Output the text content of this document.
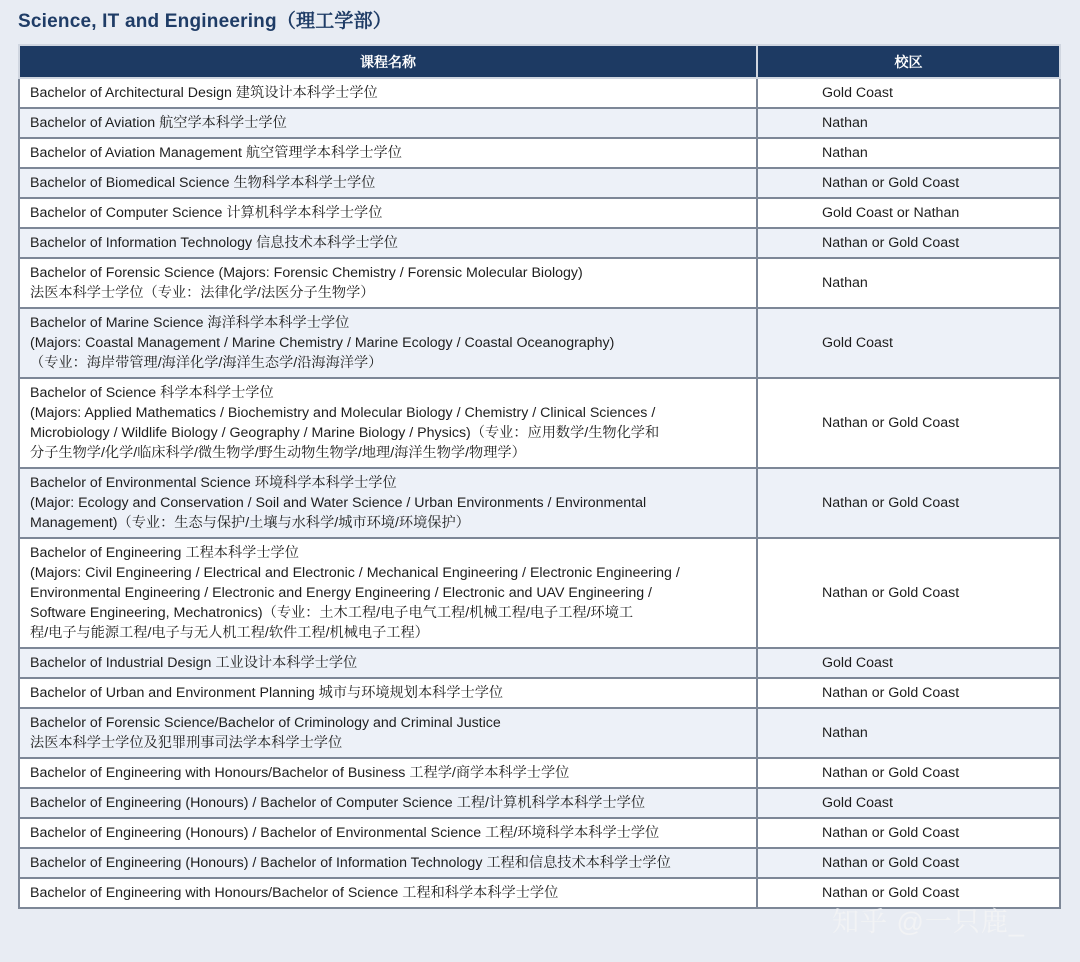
Science, IT and Engineering（理工学部）
课程名称	校区

Bachelor of Architectural Design 建筑设计本科学士学位	Gold Coast

Bachelor of Aviation 航空学本科学士学位	Nathan

Bachelor of Aviation Management 航空管理学本科学士学位	Nathan

Bachelor of Biomedical Science 生物科学本科学士学位	Nathan or Gold Coast

Bachelor of Computer Science 计算机科学本科学士学位	Gold Coast or Nathan

Bachelor of Information Technology 信息技术本科学士学位	Nathan or Gold Coast

Bachelor of Forensic Science (Majors: Forensic Chemistry / Forensic Molecular Biology)
法医本科学士学位（专业：法律化学/法医分子生物学）	Nathan

Bachelor of Marine Science 海洋科学本科学士学位
(Majors: Coastal Management / Marine Chemistry / Marine Ecology / Coastal Oceanography)
（专业：海岸带管理/海洋化学/海洋生态学/沿海海洋学）	Gold Coast

Bachelor of Science 科学本科学士学位
(Majors: Applied Mathematics / Biochemistry and Molecular Biology / Chemistry / Clinical Sciences /
Microbiology / Wildlife Biology / Geography / Marine Biology / Physics)（专业：应用数学/生物化学和
分子生物学/化学/临床科学/微生物学/野生动物生物学/地理/海洋生物学/物理学）	Nathan or Gold Coast

Bachelor of Environmental Science 环境科学本科学士学位
(Major: Ecology and Conservation / Soil and Water Science / Urban Environments / Environmental
Management)（专业：生态与保护/土壤与水科学/城市环境/环境保护）	Nathan or Gold Coast

Bachelor of Engineering 工程本科学士学位
(Majors: Civil Engineering / Electrical and Electronic / Mechanical Engineering / Electronic Engineering /
Environmental Engineering / Electronic and Energy Engineering / Electronic and UAV Engineering /
Software Engineering, Mechatronics)（专业：土木工程/电子电气工程/机械工程/电子工程/环境工
程/电子与能源工程/电子与无人机工程/软件工程/机械电子工程）	Nathan or Gold Coast

Bachelor of Industrial Design 工业设计本科学士学位	Gold Coast

Bachelor of Urban and Environment Planning 城市与环境规划本科学士学位	Nathan or Gold Coast

Bachelor of Forensic Science/Bachelor of Criminology and Criminal Justice
法医本科学士学位及犯罪刑事司法学本科学士学位	Nathan

Bachelor of Engineering with Honours/Bachelor of Business 工程学/商学本科学士学位	Nathan or Gold Coast

Bachelor of Engineering (Honours) / Bachelor of Computer Science 工程/计算机科学本科学士学位	Gold Coast

Bachelor of Engineering (Honours) / Bachelor of Environmental Science 工程/环境科学本科学士学位	Nathan or Gold Coast

Bachelor of Engineering (Honours) / Bachelor of Information Technology 工程和信息技术本科学士学位	Nathan or Gold Coast

Bachelor of Engineering with Honours/Bachelor of Science 工程和科学本科学士学位	Nathan or Gold Coast
知乎 @一只鹿_
